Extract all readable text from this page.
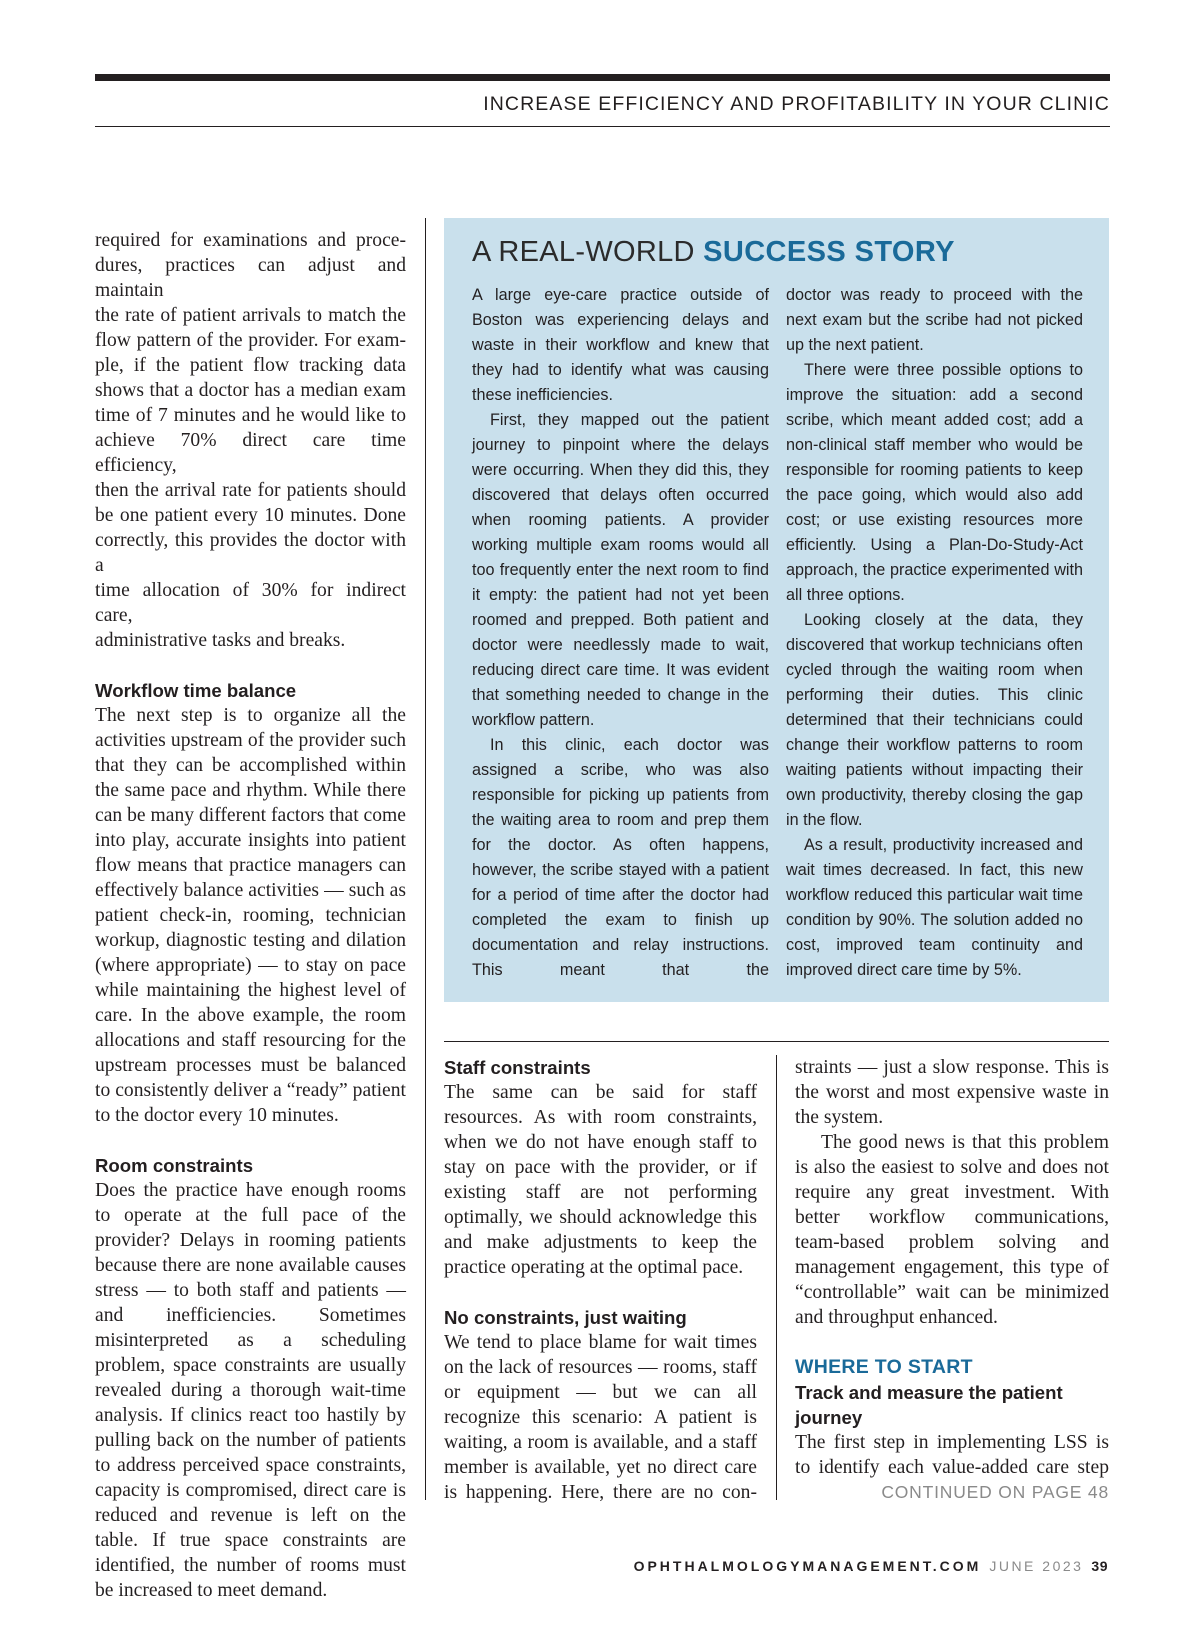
INCREASE EFFICIENCY AND PROFITABILITY IN YOUR CLINIC
required for examinations and proce-
dures, practices can adjust and maintain
the rate of patient arrivals to match the
flow pattern of the provider. For exam-
ple, if the patient flow tracking data
shows that a doctor has a median exam
time of 7 minutes and he would like to
achieve 70% direct care time efficiency,
then the arrival rate for patients should
be one patient every 10 minutes. Done
correctly, this provides the doctor with a
time allocation of 30% for indirect care,
administrative tasks and breaks.
Workflow time balance

The next step is to organize all the activities upstream of the provider such that they can be accomplished within the same pace and rhythm. While there can be many different factors that come into play, accurate insights into patient flow means that practice managers can effectively balance activities — such as patient check-in, rooming, technician workup, diagnostic testing and dilation (where appropriate) — to stay on pace while maintaining the highest level of care. In the above example, the room allocations and staff resourcing for the upstream processes must be balanced to consistently deliver a “ready” patient to the doctor every 10 minutes.

Room constraints

Does the practice have enough rooms to operate at the full pace of the provider? Delays in rooming patients because there are none available causes stress — to both staff and patients — and inefficiencies. Sometimes misinterpreted as a scheduling problem, space constraints are usually revealed during a thorough wait-time analysis. If clinics react too hastily by pulling back on the number of patients to address perceived space constraints, capacity is compromised, direct care is reduced and revenue is left on the table. If true space constraints are identified, the number of rooms must be increased to meet demand.

A REAL-WORLD SUCCESS STORY

A large eye-care practice outside of Boston was experiencing delays and waste in their workflow and knew that they had to identify what was causing these inefficiencies.

First, they mapped out the patient journey to pinpoint where the delays were occurring. When they did this, they discovered that delays often occurred when rooming patients. A provider working multiple exam rooms would all too frequently enter the next room to find it empty: the patient had not yet been roomed and prepped. Both patient and doctor were needlessly made to wait, reducing direct care time. It was evident that something needed to change in the workflow pattern.

In this clinic, each doctor was assigned a scribe, who was also responsible for picking up patients from the waiting area to room and prep them for the doctor. As often happens, however, the scribe stayed with a patient for a period of time after the doctor had completed the exam to finish up documentation and relay instructions. This meant that the

doctor was ready to proceed with the next exam but the scribe had not picked up the next patient.

There were three possible options to improve the situation: add a second scribe, which meant added cost; add a non-clinical staff member who would be responsible for rooming patients to keep the pace going, which would also add cost; or use existing resources more efficiently. Using a Plan-Do-Study-Act approach, the practice experimented with all three options.

Looking closely at the data, they discovered that workup technicians often cycled through the waiting room when performing their duties. This clinic determined that their technicians could change their workflow patterns to room waiting patients without impacting their own productivity, thereby closing the gap in the flow.

As a result, productivity increased and wait times decreased. In fact, this new workflow reduced this particular wait time condition by 90%. The solution added no cost, improved team continuity and improved direct care time by 5%.

Staff constraints

The same can be said for staff resources. As with room constraints, when we do not have enough staff to stay on pace with the provider, or if existing staff are not performing optimally, we should acknowledge this and make adjustments to keep the practice operating at the optimal pace.

No constraints, just waiting

We tend to place blame for wait times on the lack of resources — rooms, staff or equipment — but we can all recognize this scenario: A patient is waiting, a room is available, and a staff member is available, yet no direct care is happening. Here, there are no con-

straints — just a slow response. This is the worst and most expensive waste in the system.

The good news is that this problem is also the easiest to solve and does not require any great investment. With better workflow communications, team-based problem solving and management engagement, this type of “controllable” wait can be minimized and throughput enhanced.

WHERE TO START
Track and measure the patient journey

The first step in implementing LSS is to identify each value-added care step

CONTINUED ON PAGE 48
OPHTHALMOLOGYMANAGEMENT.COM JUNE 2023 39
